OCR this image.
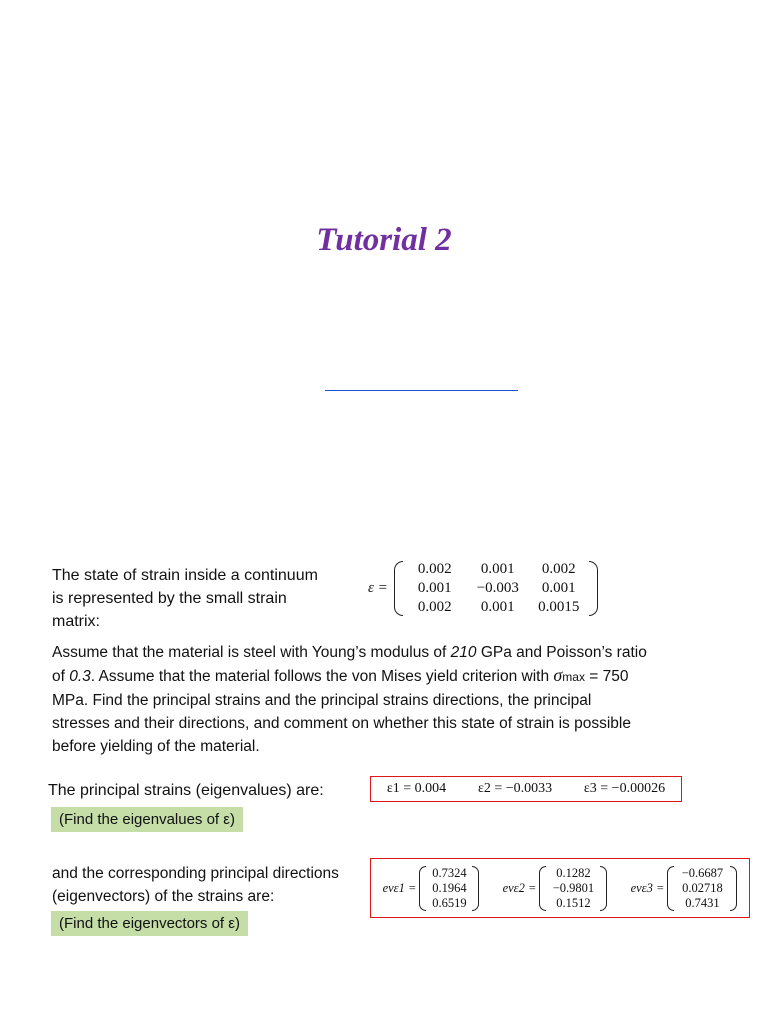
Tutorial 2
The state of strain inside a continuum
is represented by the small strain
matrix:
ε =
0.002	0.001	0.002
0.001	−0.003	0.001
0.002	0.001	0.0015
Assume that the material is steel with Young’s modulus of 210 GPa and Poisson’s ratio
of 0.3. Assume that the material follows the von Mises yield criterion with σmax = 750
MPa. Find the principal strains and the principal strains directions, the principal
stresses and their directions, and comment on whether this state of strain is possible
before yielding of the material.
The principal strains (eigenvalues) are:	ε1 = 0.004 ε2 = −0.0033 ε3 = −0.00026
(Find the eigenvalues of ε)
and the corresponding principal directions
(eigenvectors) of the strains are:
(Find the eigenvectors of ε)
evε1 =
0.7324
0.1964
0.6519
evε2 =
0.1282
−0.9801
0.1512
evε3 =
−0.6687
0.02718
0.7431
